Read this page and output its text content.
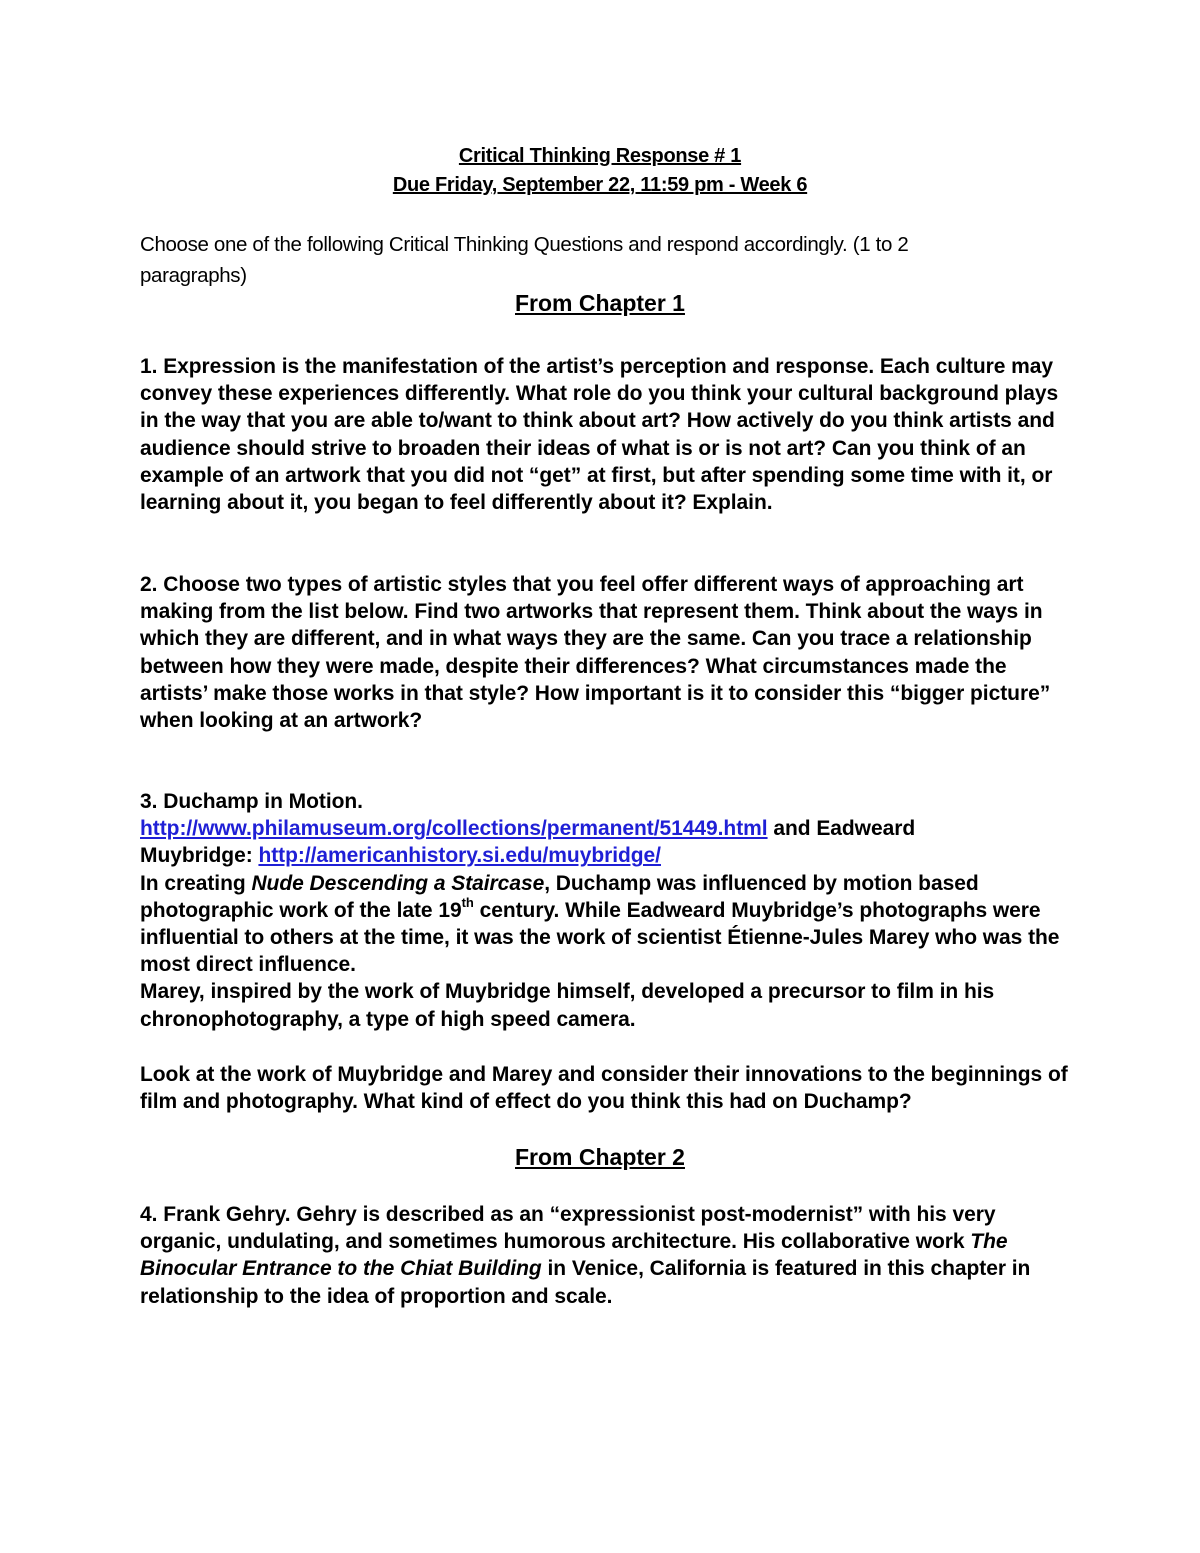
Critical Thinking Response # 1
Due Friday, September 22, 11:59 pm - Week 6

Choose one of the following Critical Thinking Questions and respond accordingly. (1 to 2
paragraphs)

From Chapter 1

1. Expression is the manifestation of the artist’s perception and response. Each culture may convey these experiences differently. What role do you think your cultural background plays in the way that you are able to/want to think about art? How actively do you think artists and audience should strive to broaden their ideas of what is or is not art? Can you think of an example of an artwork that you did not “get” at first, but after spending some time with it, or learning about it, you began to feel differently about it? Explain.

2. Choose two types of artistic styles that you feel offer different ways of approaching art making from the list below. Find two artworks that represent them. Think about the ways in which they are different, and in what ways they are the same. Can you trace a relationship between how they were made, despite their differences? What circumstances made the artists’ make those works in that style? How important is it to consider this “bigger picture” when looking at an artwork?

3. Duchamp in Motion.
http://www.philamuseum.org/collections/permanent/51449.html and Eadweard
Muybridge: http://americanhistory.si.edu/muybridge/
In creating Nude Descending a Staircase, Duchamp was influenced by motion based photographic work of the late 19th century. While Eadweard Muybridge’s photographs were influential to others at the time, it was the work of scientist Étienne-Jules Marey who was the most direct influence.
Marey, inspired by the work of Muybridge himself, developed a precursor to film in his chronophotography, a type of high speed camera.

Look at the work of Muybridge and Marey and consider their innovations to the beginnings of film and photography. What kind of effect do you think this had on Duchamp?

From Chapter 2

4. Frank Gehry. Gehry is described as an “expressionist post-modernist” with his very organic, undulating, and sometimes humorous architecture. His collaborative work The Binocular Entrance to the Chiat Building in Venice, California is featured in this chapter in relationship to the idea of proportion and scale.
